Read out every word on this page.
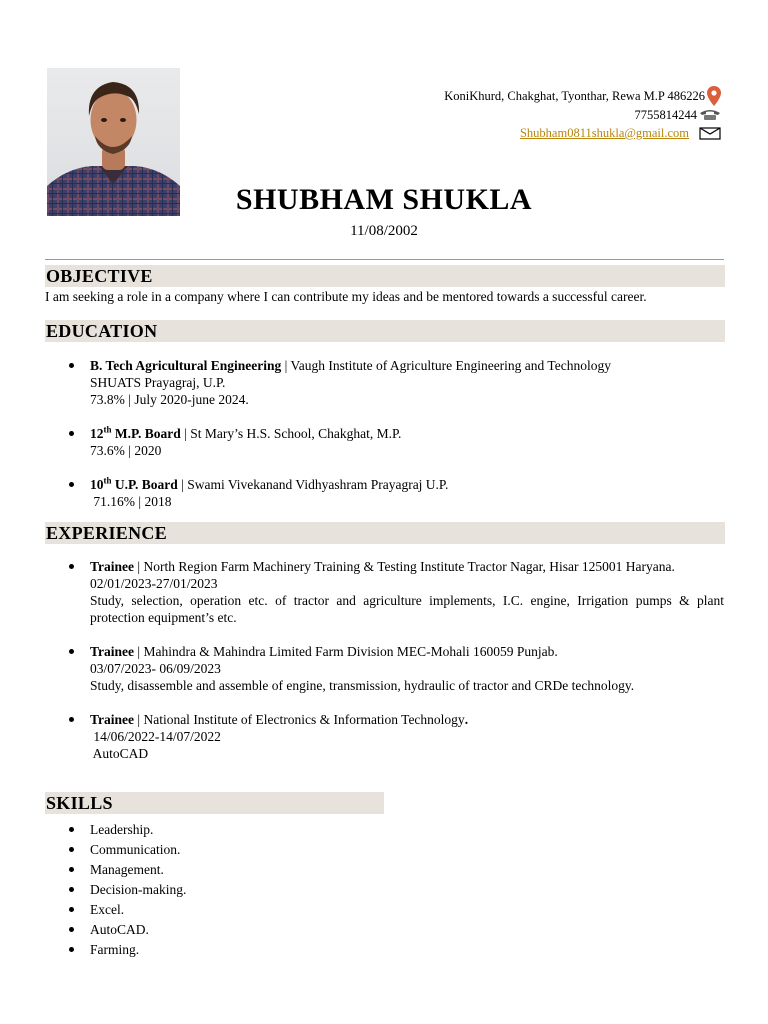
KoniKhurd, Chakghat, Tyonthar, Rewa M.P 486226
7755814244
Shubham0811shukla@gmail.com
SHUBHAM SHUKLA
11/08/2002
OBJECTIVE
I am seeking a role in a company where I can contribute my ideas and be mentored towards a successful career.
EDUCATION
B. Tech Agricultural Engineering | Vaugh Institute of Agriculture Engineering and Technology
SHUATS Prayagraj, U.P.
73.8% | July 2020-june 2024.
12th M.P. Board | St Mary’s H.S. School, Chakghat, M.P.
73.6% | 2020
10th U.P. Board | Swami Vivekanand Vidhyashram Prayagraj U.P.
71.16% | 2018
EXPERIENCE
Trainee | North Region Farm Machinery Training & Testing Institute Tractor Nagar, Hisar 125001 Haryana.
02/01/2023-27/01/2023
Study, selection, operation etc. of tractor and agriculture implements, I.C. engine, Irrigation pumps & plant protection equipment’s etc.
Trainee | Mahindra & Mahindra Limited Farm Division MEC-Mohali 160059 Punjab.
03/07/2023- 06/09/2023
Study, disassemble and assemble of engine, transmission, hydraulic of tractor and CRDe technology.
Trainee | National Institute of Electronics & Information Technology.
14/06/2022-14/07/2022
AutoCAD
SKILLS
Leadership.
Communication.
Management.
Decision-making.
Excel.
AutoCAD.
Farming.
